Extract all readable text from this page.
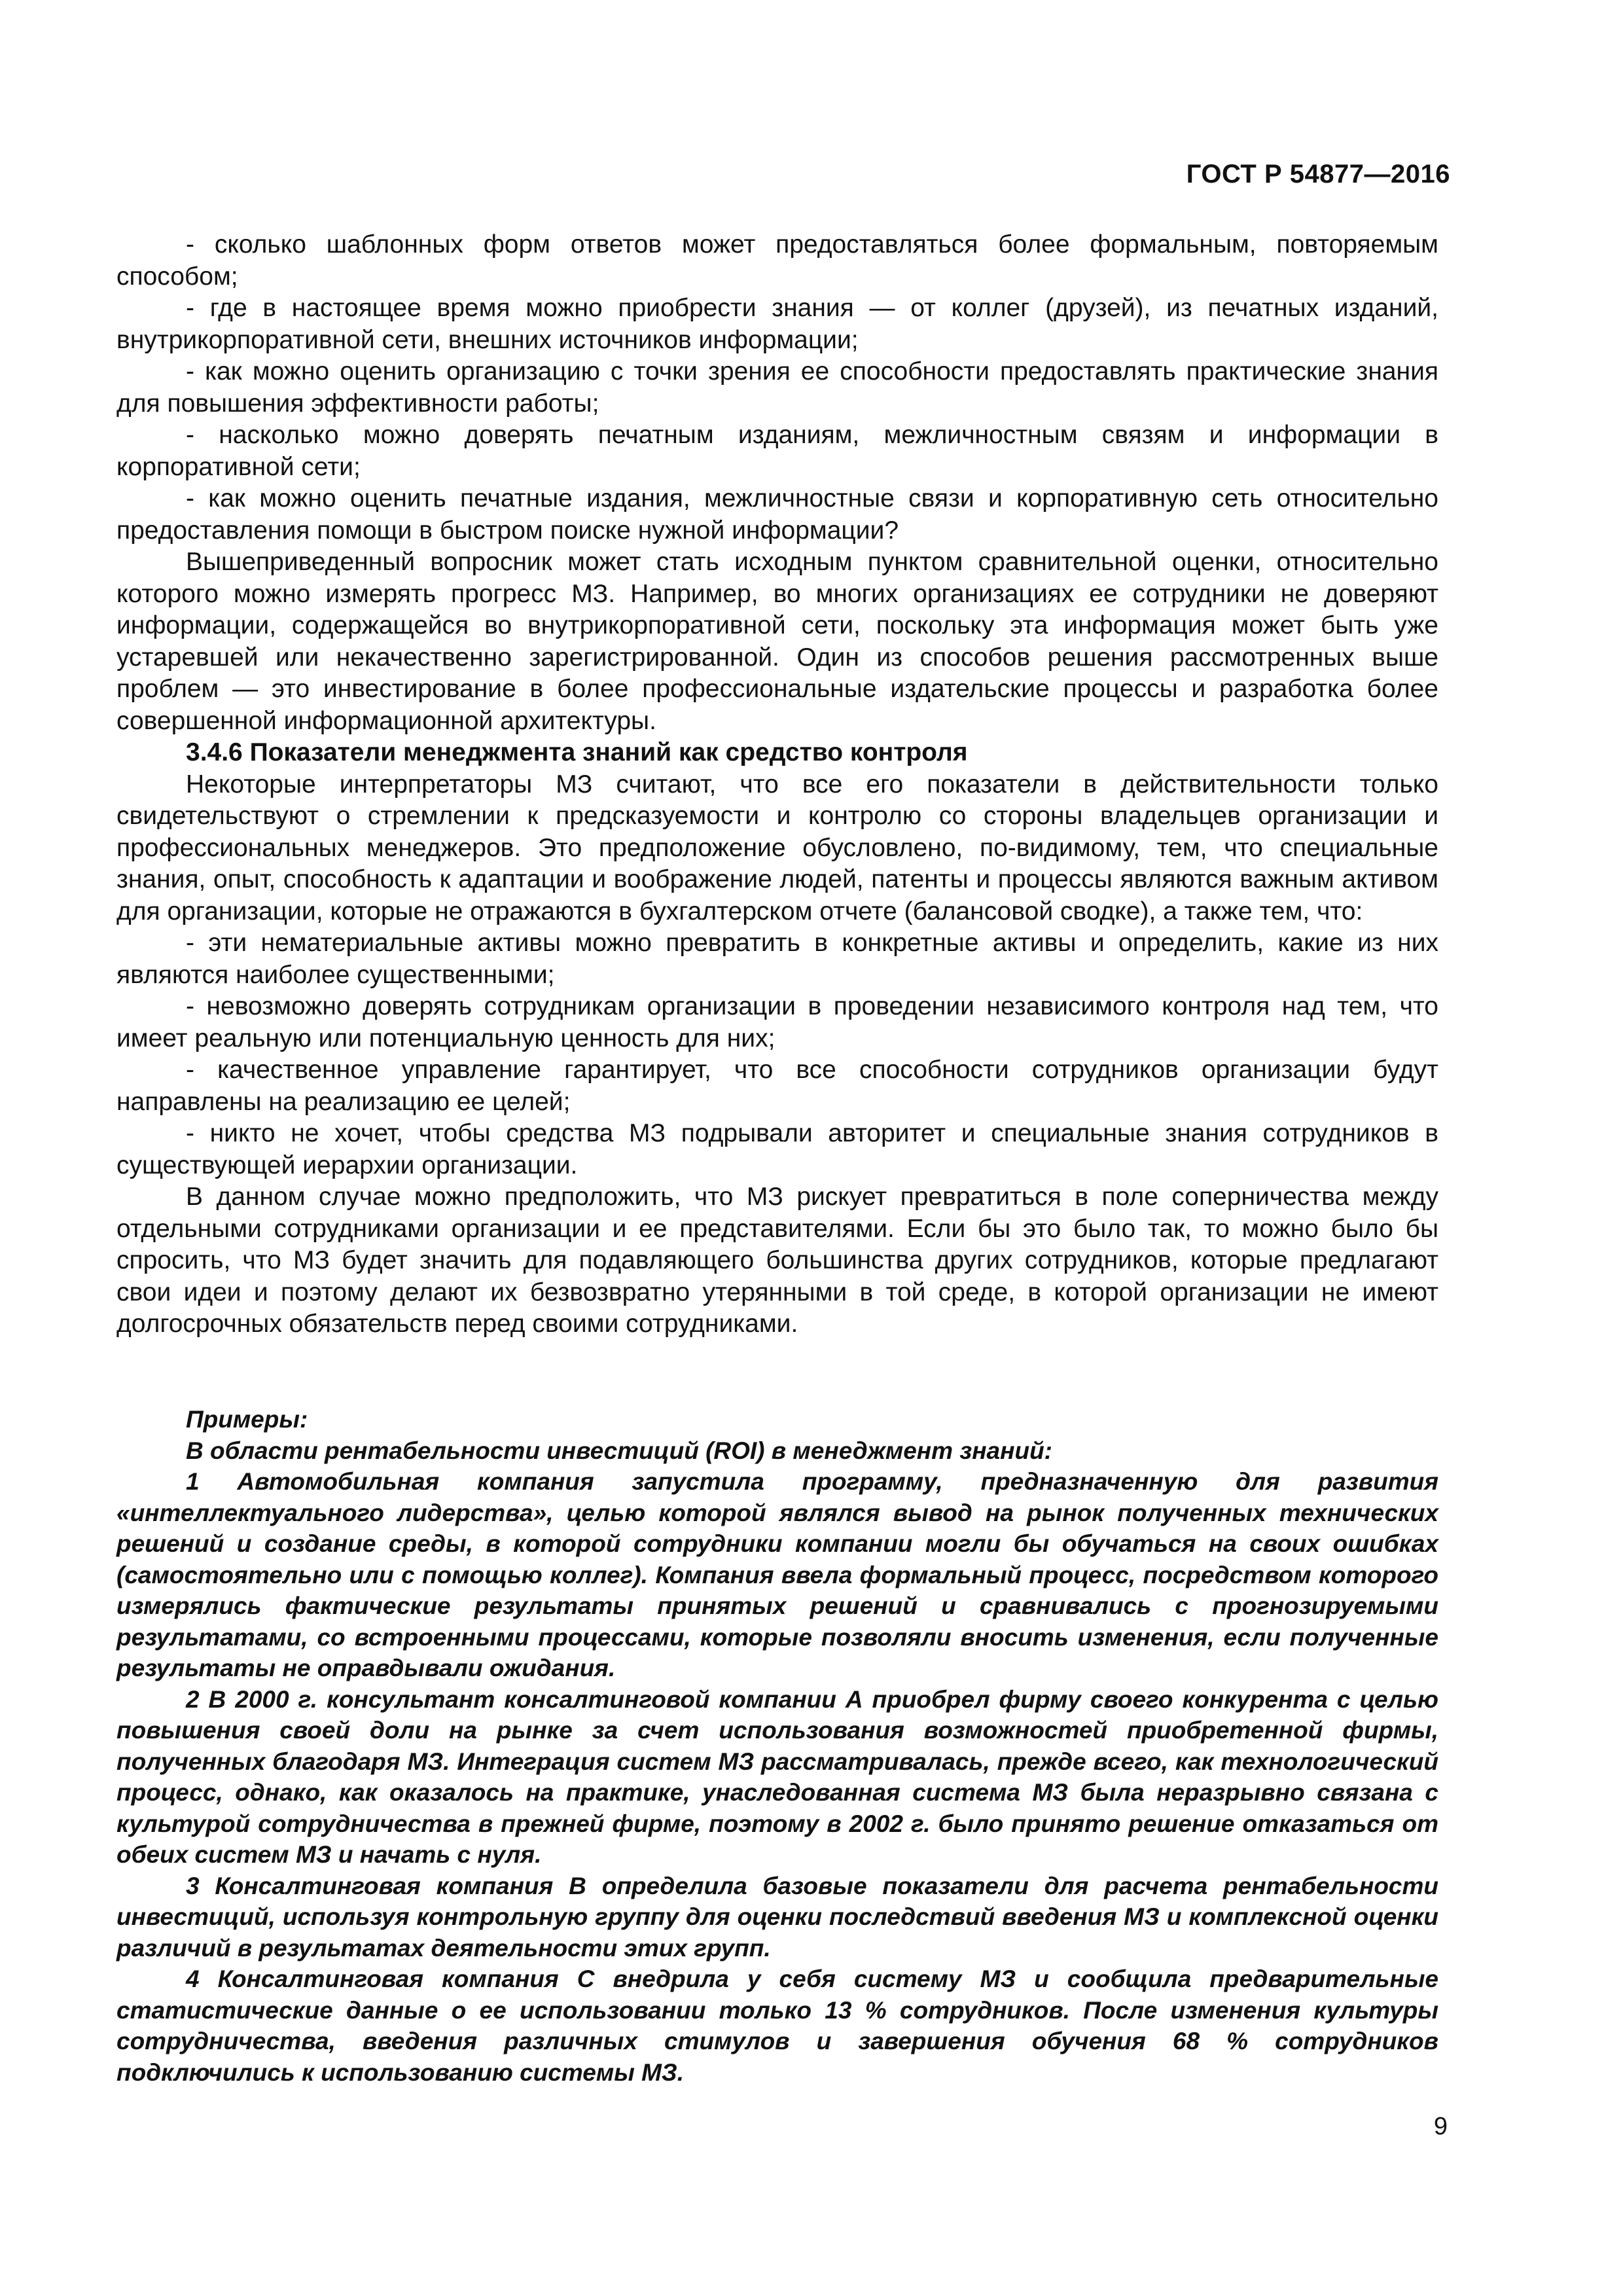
ГОСТ Р 54877—2016

- сколько шаблонных форм ответов может предоставляться более формальным, повторяемым способом;

- где в настоящее время можно приобрести знания — от коллег (друзей), из печатных изданий, внутрикорпоративной сети, внешних источников информации;

- как можно оценить организацию с точки зрения ее способности предоставлять практические знания для повышения эффективности работы;

- насколько можно доверять печатным изданиям, межличностным связям и информации в корпоративной сети;

- как можно оценить печатные издания, межличностные связи и корпоративную сеть относительно предоставления помощи в быстром поиске нужной информации?

Вышеприведенный вопросник может стать исходным пунктом сравнительной оценки, относительно которого можно измерять прогресс МЗ. Например, во многих организациях ее сотрудники не доверяют информации, содержащейся во внутрикорпоративной сети, поскольку эта информация может быть уже устаревшей или некачественно зарегистрированной. Один из способов решения рассмотренных выше проблем — это инвестирование в более профессиональные издательские процессы и разработка более совершенной информационной архитектуры.

3.4.6 Показатели менеджмента знаний как средство контроля

Некоторые интерпретаторы МЗ считают, что все его показатели в действительности только свидетельствуют о стремлении к предсказуемости и контролю со стороны владельцев организации и профессиональных менеджеров. Это предположение обусловлено, по-видимому, тем, что специальные знания, опыт, способность к адаптации и воображение людей, патенты и процессы являются важным активом для организации, которые не отражаются в бухгалтерском отчете (балансовой сводке), а также тем, что:

- эти нематериальные активы можно превратить в конкретные активы и определить, какие из них являются наиболее существенными;

- невозможно доверять сотрудникам организации в проведении независимого контроля над тем, что имеет реальную или потенциальную ценность для них;

- качественное управление гарантирует, что все способности сотрудников организации будут направлены на реализацию ее целей;

- никто не хочет, чтобы средства МЗ подрывали авторитет и специальные знания сотрудников в существующей иерархии организации.

В данном случае можно предположить, что МЗ рискует превратиться в поле соперничества между отдельными сотрудниками организации и ее представителями. Если бы это было так, то можно было бы спросить, что МЗ будет значить для подавляющего большинства других сотрудников, которые предлагают свои идеи и поэтому делают их безвозвратно утерянными в той среде, в которой организации не имеют долгосрочных обязательств перед своими сотрудниками.

Примеры:

В области рентабельности инвестиций (ROI) в менеджмент знаний:

1 Автомобильная компания запустила программу, предназначенную для развития «интеллектуального лидерства», целью которой являлся вывод на рынок полученных технических решений и создание среды, в которой сотрудники компании могли бы обучаться на своих ошибках (самостоятельно или с помощью коллег). Компания ввела формальный процесс, посредством которого измерялись фактические результаты принятых решений и сравнивались с прогнозируемыми результатами, со встроенными процессами, которые позволяли вносить изменения, если полученные результаты не оправдывали ожидания.

2 В 2000 г. консультант консалтинговой компании А приобрел фирму своего конкурента с целью повышения своей доли на рынке за счет использования возможностей приобретенной фирмы, полученных благодаря МЗ. Интеграция систем МЗ рассматривалась, прежде всего, как технологический процесс, однако, как оказалось на практике, унаследованная система МЗ была неразрывно связана с культурой сотрудничества в прежней фирме, поэтому в 2002 г. было принято решение отказаться от обеих систем МЗ и начать с нуля.

3 Консалтинговая компания В определила базовые показатели для расчета рентабельности инвестиций, используя контрольную группу для оценки последствий введения МЗ и комплексной оценки различий в результатах деятельности этих групп.

4 Консалтинговая компания С внедрила у себя систему МЗ и сообщила предварительные статистические данные о ее использовании только 13 % сотрудников. После изменения культуры сотрудничества, введения различных стимулов и завершения обучения 68 % сотрудников подключились к использованию системы МЗ.

9
